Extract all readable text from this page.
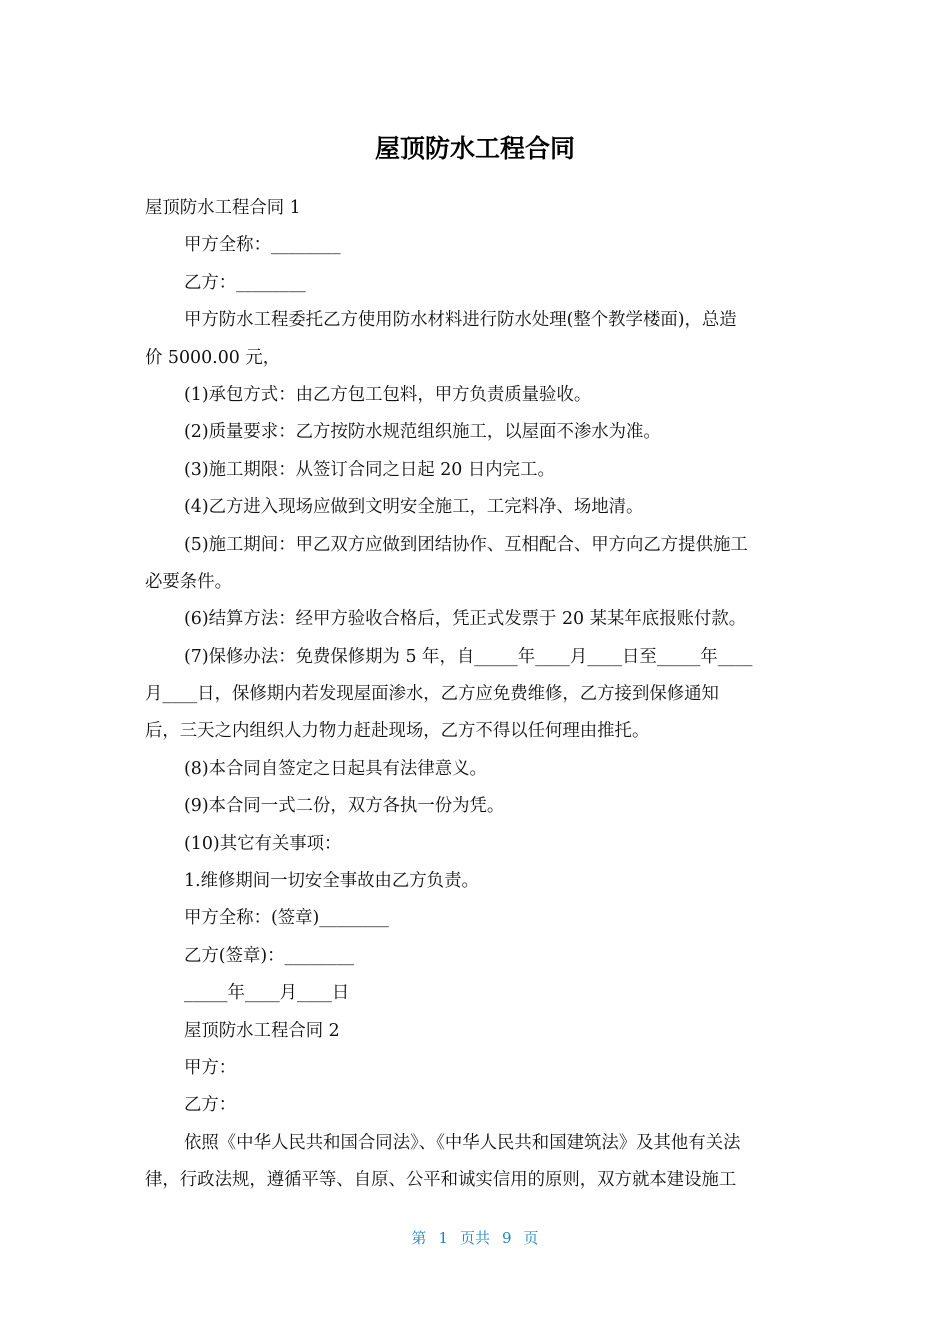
屋顶防水工程合同
屋顶防水工程合同 1
甲方全称：________
乙方：________
甲方防水工程委托乙方使用防水材料进行防水处理(整个教学楼面)，总造
价 5000.00 元，
(1)承包方式：由乙方包工包料，甲方负责质量验收。
(2)质量要求：乙方按防水规范组织施工，以屋面不渗水为准。
(3)施工期限：从签订合同之日起 20 日内完工。
(4)乙方进入现场应做到文明安全施工，工完料净、场地清。
(5)施工期间：甲乙双方应做到团结协作、互相配合、甲方向乙方提供施工
必要条件。
(6)结算方法：经甲方验收合格后，凭正式发票于 20 某某年底报账付款。
(7)保修办法：免费保修期为 5 年，自_____年____月____日至_____年____
月____日，保修期内若发现屋面渗水，乙方应免费维修，乙方接到保修通知
后，三天之内组织人力物力赶赴现场，乙方不得以任何理由推托。
(8)本合同自签定之日起具有法律意义。
(9)本合同一式二份，双方各执一份为凭。
(10)其它有关事项：
1.维修期间一切安全事故由乙方负责。
甲方全称：(签章)________
乙方(签章)：________
_____年____月____日
屋顶防水工程合同 2
甲方：
乙方：
依照《中华人民共和国合同法》、《中华人民共和国建筑法》及其他有关法
律，行政法规，遵循平等、自原、公平和诚实信用的原则，双方就本建设施工
第 1 页共 9 页
